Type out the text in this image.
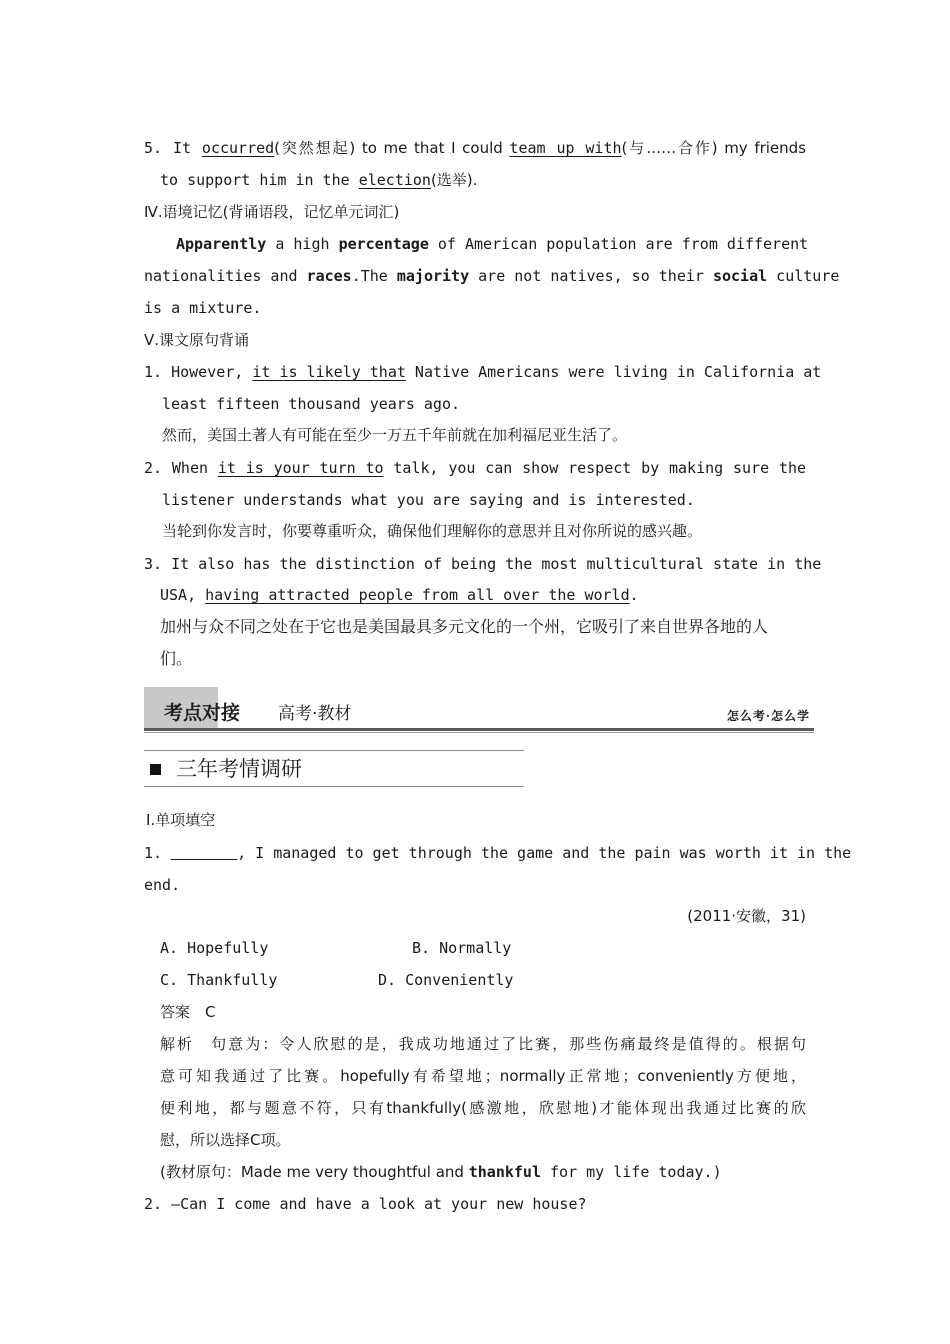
5. It occurred(突然想起) to me that I could team up with(与……合作) my friends
to support him in the election(选举).
Ⅳ.语境记忆(背诵语段，记忆单元词汇)
Apparently a high percentage of American population are from different
nationalities and races.The majority are not natives, so their social culture
is a mixture.
Ⅴ.课文原句背诵
1. However, it is likely that Native Americans were living in California at
least fifteen thousand years ago.
然而，美国土著人有可能在至少一万五千年前就在加利福尼亚生活了。
2. When it is your turn to talk, you can show respect by making sure the
listener understands what you are saying and is interested.
当轮到你发言时，你要尊重听众，确保他们理解你的意思并且对你所说的感兴趣。
3. It also has the distinction of being the most multicultural state in the
USA, having attracted people from all over the world.
加州与众不同之处在于它也是美国最具多元文化的一个州，它吸引了来自世界各地的人
们。
考点对接 高考·教材	怎么考·怎么学
三年考情调研
Ⅰ.单项填空
1.	, I managed to get through the game and the pain was worth it in the
end.
(2011·安徽，31)
A. Hopefully	B. Normally
C. Thankfully	D. Conveniently
答案　C
解析　句意为：令人欣慰的是，我成功地通过了比赛，那些伤痛最终是值得的。根据句
意可知我通过了比赛。hopefully有希望地；normally正常地；conveniently方便地，
便利地，都与题意不符，只有thankfully(感激地，欣慰地)才能体现出我通过比赛的欣
慰，所以选择C项。
(教材原句：Made me very thoughtful and thankful for my life today.)
2. —Can I come and have a look at your new house?
